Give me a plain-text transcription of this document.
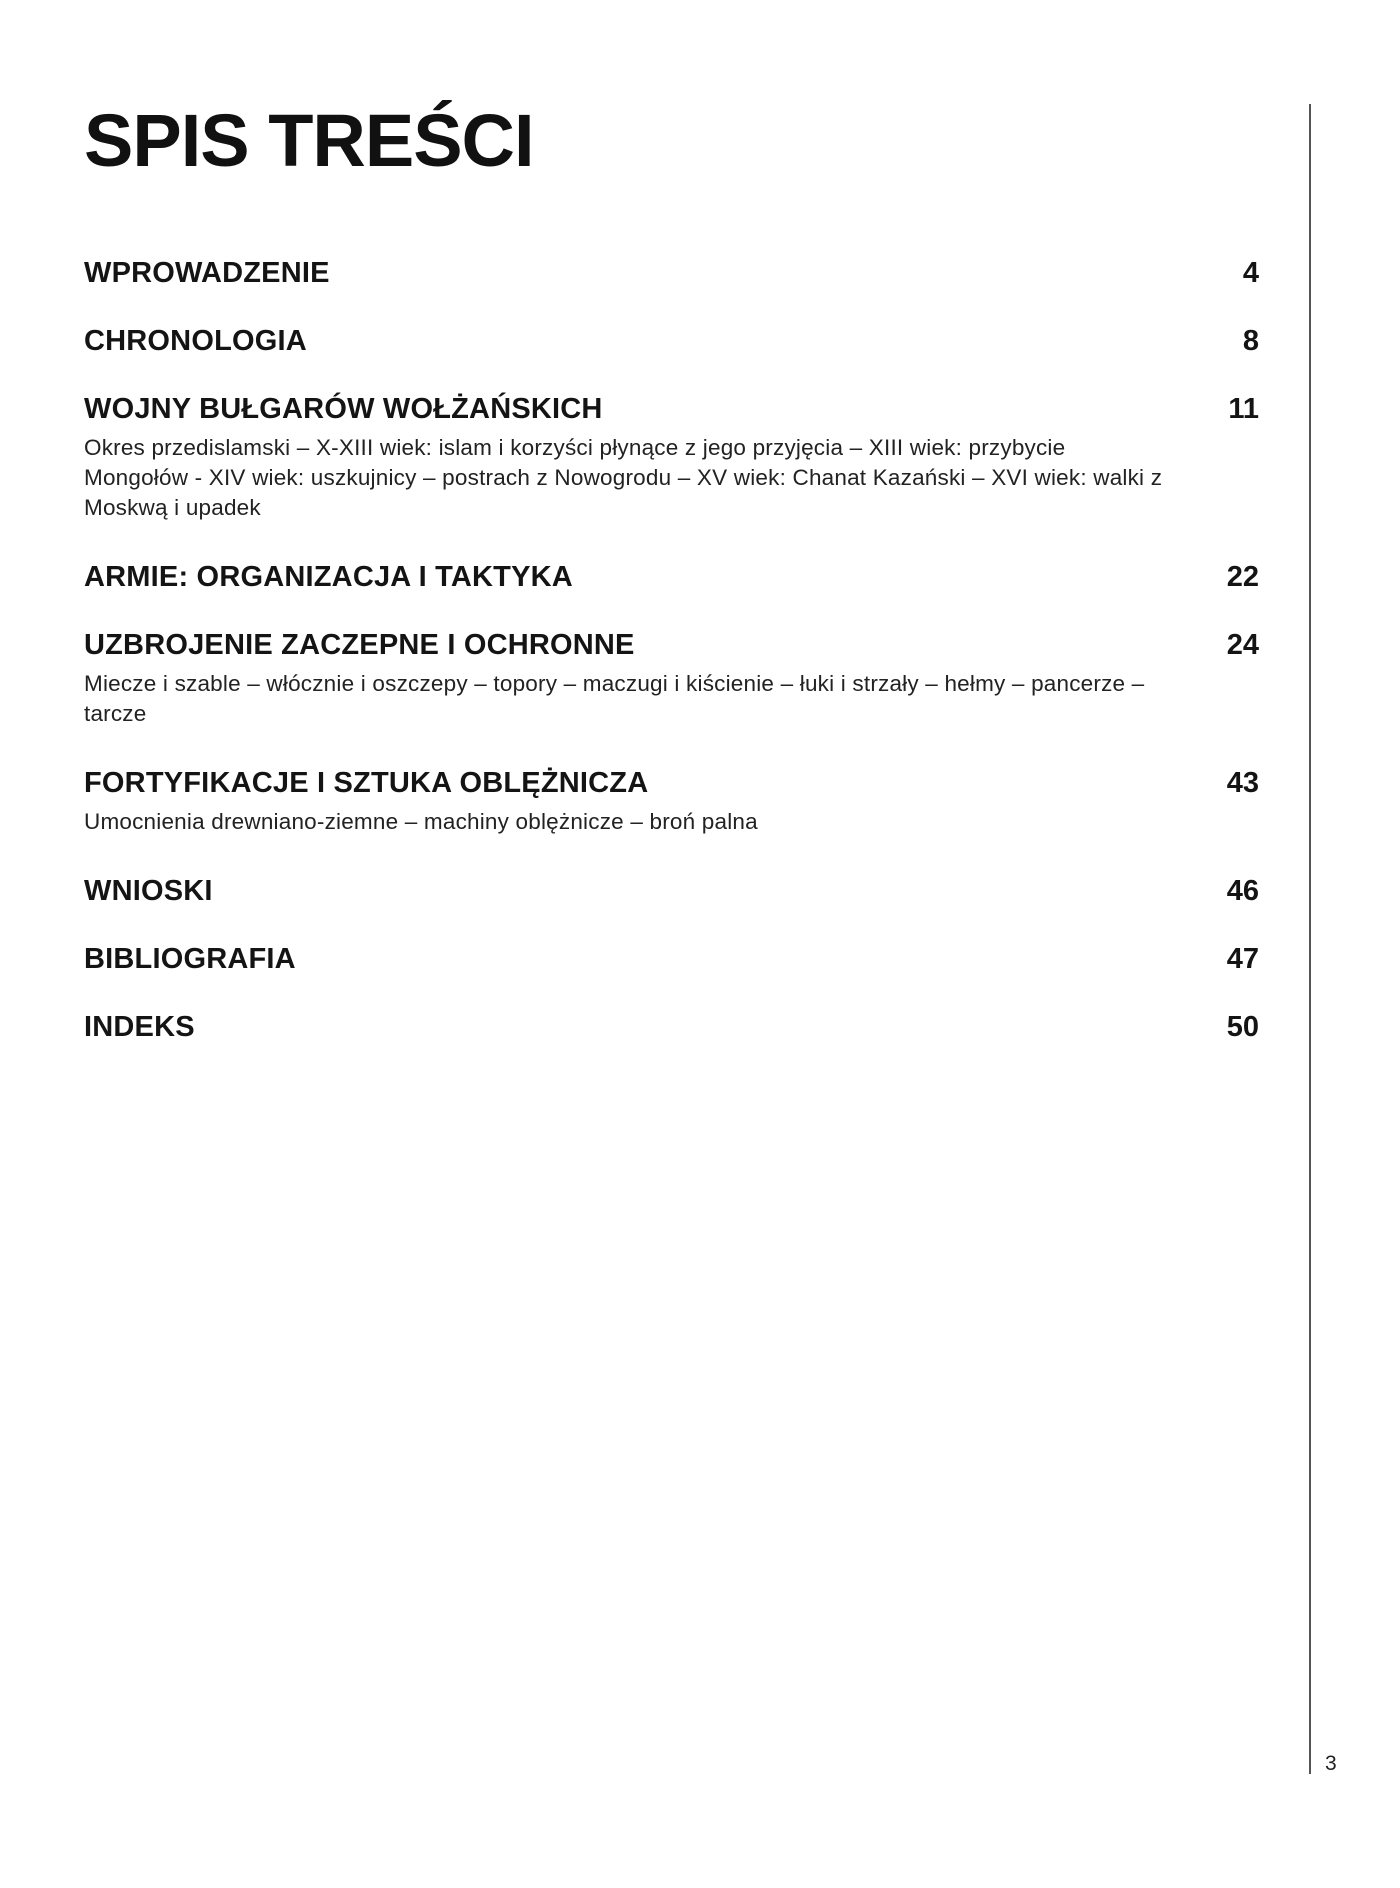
SPIS TREŚCI
3
WPROWADZENIE	4
CHRONOLOGIA	8
WOJNY BUŁGARÓW WOŁŻAŃSKICH	11
Okres przedislamski – X-XIII wiek: islam i korzyści płynące z jego przyjęcia – XIII wiek: przybycie Mongołów - XIV wiek: uszkujnicy – postrach z Nowogrodu – XV wiek: Chanat Kazański – XVI wiek: walki z Moskwą i upadek
ARMIE: ORGANIZACJA I TAKTYKA	22
UZBROJENIE ZACZEPNE I OCHRONNE	24
Miecze i szable – włócznie i oszczepy – topory – maczugi i kiścienie – łuki i strzały – hełmy – pancerze – tarcze
FORTYFIKACJE I SZTUKA OBLĘŻNICZA	43
Umocnienia drewniano-ziemne – machiny oblężnicze – broń palna
WNIOSKI	46
BIBLIOGRAFIA	47
INDEKS	50
